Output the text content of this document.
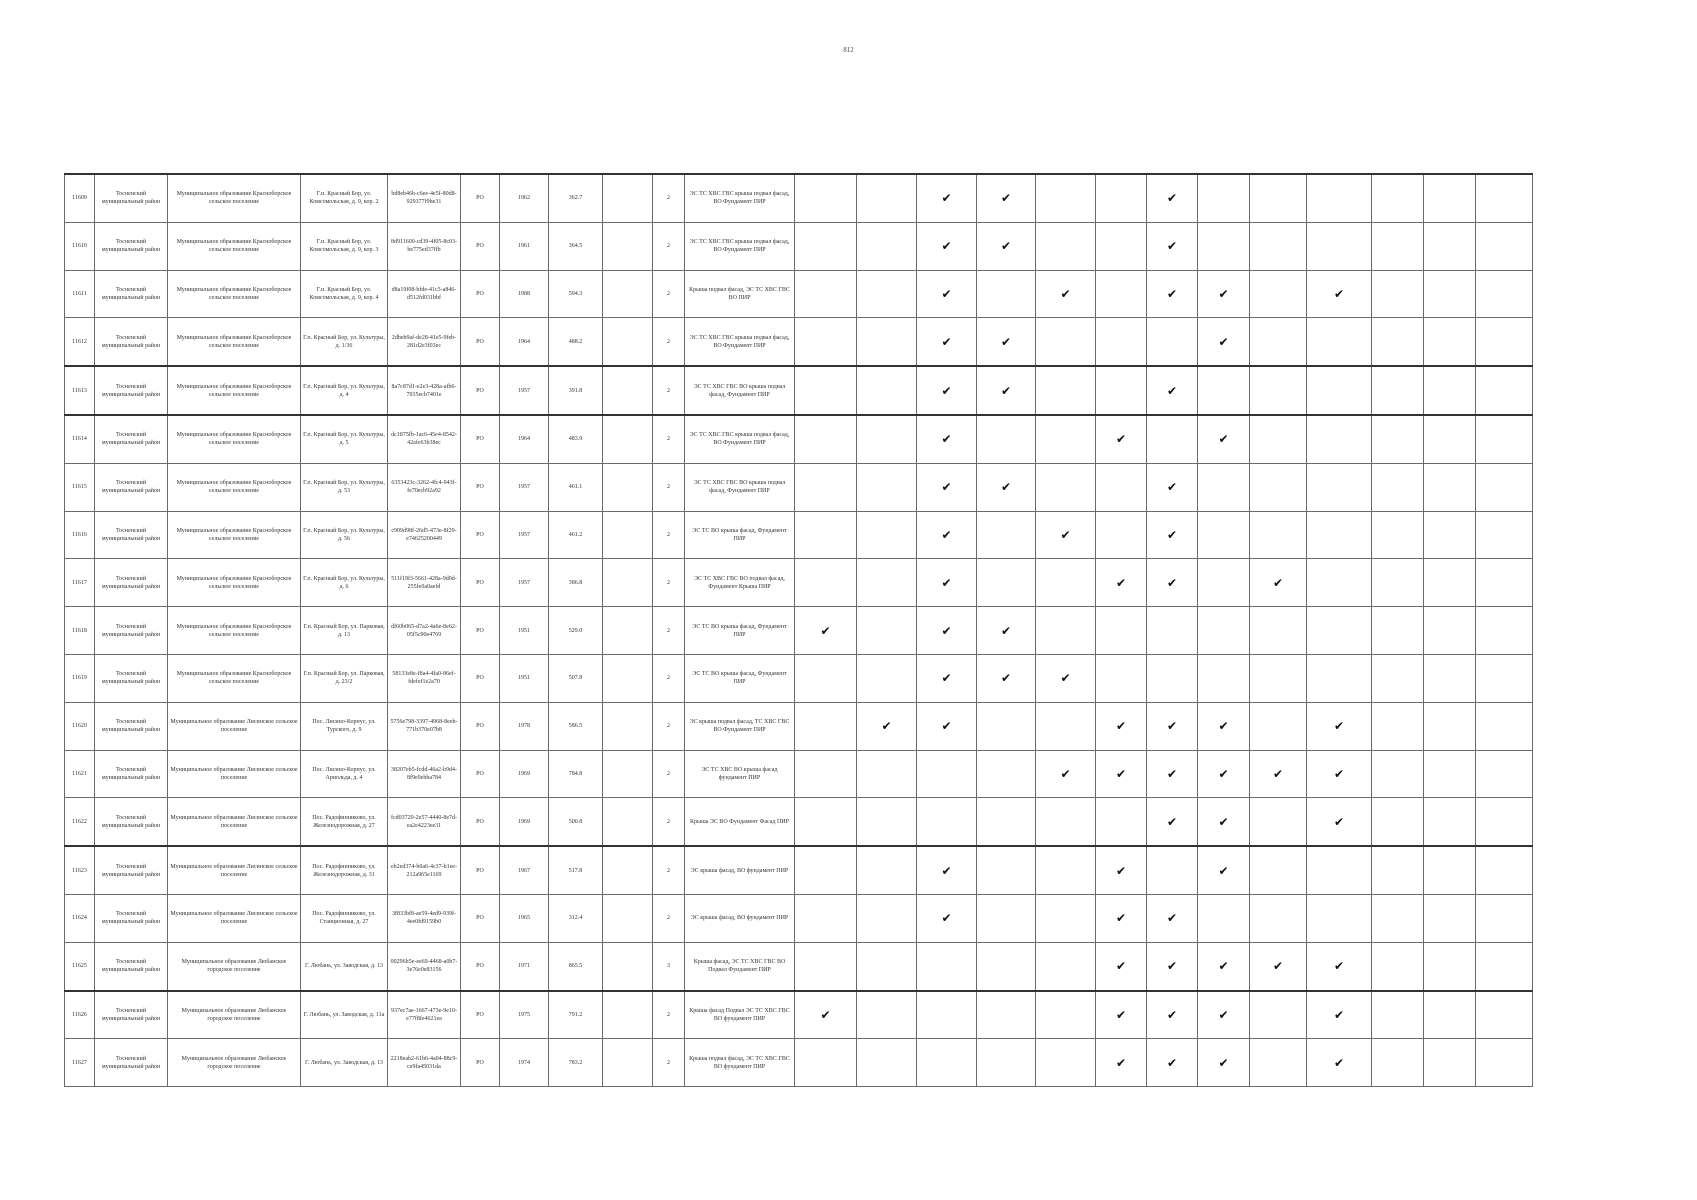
812
11609	Тосненский муниципальный район	Муниципальное образование Красноборское сельское поселение	Г.п. Красный Бор, ул. Комсомольская, д. 9, кор. 2	bd8eb46b-c6ee-4e5f-80d8-929377f9be31	РО	1962	362.7		2	ЭС ТС ХВС ГВС крыша подвал фасад, ВО Фундамент ПИР			✔	✔			✔						
11610	Тосненский муниципальный район	Муниципальное образование Красноборское сельское поселение	Г.п. Красный Бор, ул. Комсомольская, д. 9, кор. 3	8d911600-cd39-4f05-8c03-be775ed37ffb	РО	1961	364.5		2	ЭС ТС ХВС ГВС крыша подвал фасад, ВО Фундамент ПИР			✔	✔			✔						
11611	Тосненский муниципальный район	Муниципальное образование Красноборское сельское поселение	Г.п. Красный Бор, ул. Комсомольская, д. 9, кор. 4	d8a19f08-bfde-41c3-a846-d512fd031bbf	РО	1988	594.3		2	Крыша подвал фасад, ЭС ТС ХВС ГВС ВО ПИР			✔		✔		✔	✔		✔			
11612	Тосненский муниципальный район	Муниципальное образование Красноборское сельское поселение	Г.п. Красный Бор, ул. Культуры, д. 1/36	2dbeb9af-de28-41e5-9feb-281d2e3f03ec	РО	1964	488.2		2	ЭС ТС ХВС ГВС крыша подвал фасад, ВО Фундамент ПИР			✔	✔				✔					
11613	Тосненский муниципальный район	Муниципальное образование Красноборское сельское поселение	Г.п. Красный Бор, ул. Культуры, д. 4	8a7c87d1-e2e3-428a-afb6-7935ecb7401e	РО	1957	391.8		2	ЭС ТС ХВС ГВС ВО крыша подвал фасад, Фундамент ПИР			✔	✔			✔						
11614	Тосненский муниципальный район	Муниципальное образование Красноборское сельское поселение	Г.п. Красный Бор, ул. Культуры, д. 5	dc1875fb-1ac6-45e4-8542-42afe63b38ec	РО	1964	483.9		2	ЭС ТС ХВС ГВС крыша подвал фасад, ВО Фундамент ПИР			✔			✔		✔					
11615	Тосненский муниципальный район	Муниципальное образование Красноборское сельское поселение	Г.п. Красный Бор, ул. Культуры, д. 53	6353423c-3262-4fc4-943f-fe70ecb92a92	РО	1957	461.1		2	ЭС ТС ХВС ГВС ВО крыша подвал фасад, Фундамент ПИР			✔	✔			✔						
11616	Тосненский муниципальный район	Муниципальное образование Красноборское сельское поселение	Г.п. Красный Бор, ул. Культуры, д. 56	c909d98f-26d5-473e-8f29-e74625200449	РО	1957	461.2		2	ЭС ТС ВО крыша фасад, Фундамент ПИР			✔		✔		✔						
11617	Тосненский муниципальный район	Муниципальное образование Красноборское сельское поселение	Г.п. Красный Бор, ул. Культуры, д. 6	511f19f3-5661-428a-9d0d-255fe0a0aefd	РО	1957	386.8		2	ЭС ТС ХВС ГВС ВО подвал фасад, Фундамент Крыша ПИР			✔			✔	✔		✔				
11618	Тосненский муниципальный район	Муниципальное образование Красноборское сельское поселение	Г.п. Красный Бор, ул. Парковая, д. 13	df60b065-d7a2-4a6e-8e62-05f5c90e4769	РО	1951	529.0		2	ЭС ТС ВО крыша фасад, Фундамент ПИР	✔		✔	✔									
11619	Тосненский муниципальный район	Муниципальное образование Красноборское сельское поселение	Г.п. Красный Бор, ул. Парковая, д. 23/2	58133e8e-f8a4-4fa0-86ef-fdefef1e2a70	РО	1951	507.8		2	ЭС ТС ВО крыша фасад, Фундамент ПИР			✔	✔	✔								
11620	Тосненский муниципальный район	Муниципальное образование Лисинское сельское поселение	Пос. Лисино-Корпус, ул. Турского, д. 9	5756e798-3397-4968-8eeb-771b370e07b8	РО	1978	586.5		2	ЭС крыша подвал фасад, ТС ХВС ГВС ВО Фундамент ПИР		✔	✔			✔	✔	✔		✔			
11621	Тосненский муниципальный район	Муниципальное образование Лисинское сельское поселение	Пос. Лисино-Корпус, ул. Арнольда, д. 4	38207eb5-fcdd-46a2-b9d4-8f9e9ebba784	РО	1969	784.8		2	ЭС ТС ХВС ВО крыша фасад фундамент ПИР					✔	✔	✔	✔	✔	✔			
11622	Тосненский муниципальный район	Муниципальное образование Лисинское сельское поселение	Пос. Радофинниково, ул. Железнодорожная, д. 27	fcd03720-2e57-4440-8e7d-ea2e4223ee31	РО	1969	500.8		2	Крыша ЭС ВО Фундамент Фасад ПИР							✔	✔		✔			
11623	Тосненский муниципальный район	Муниципальное образование Лисинское сельское поселение	Пос. Радофинниково, ул. Железнодорожная, д. 31	eb2ed374-b0a6-4c37-b1ee-212a965e1169	РО	1967	517.8		2	ЭС крыша фасад, ВО фундамент ПИР			✔			✔		✔					
11624	Тосненский муниципальный район	Муниципальное образование Лисинское сельское поселение	Пос. Радофинниково, ул. Станционная, д. 27	3f833bf8-ae59-4ed9-939f-4ee0fd9159b0	РО	1965	312.4		2	ЭС крыша фасад, ВО фундамент ПИР			✔			✔	✔						
11625	Тосненский муниципальный район	Муниципальное образование Любанское городское поселение	Г. Любань, ул. Заводская, д. 13	00296b5e-ee69-4468-a0b7-3e76e0e83156	РО	1971	865.5		3	Крыша фасад, ЭС ТС ХВС ГВС ВО Подвал Фундамент ПИР						✔	✔	✔	✔	✔			
11626	Тосненский муниципальный район	Муниципальное образование Любанское городское поселение	Г. Любань, ул. Заводская, д. 11а	937ec7ae-1667-473e-9e10-e77f8fe4621ea	РО	1975	791.2		2	Крыша фасад Подвал ЭС ТС ХВС ГВС ВО фундамент ПИР	✔					✔	✔	✔		✔			
11627	Тосненский муниципальный район	Муниципальное образование Любанское городское поселение	Г. Любань, ул. Заводская, д. 13	2218eab2-61b6-4a04-88c9-ce9fa45031da	РО	1974	783.2		2	Крыша подвал фасад, ЭС ТС ХВС ГВС ВО фундамент ПИР						✔	✔	✔		✔			
